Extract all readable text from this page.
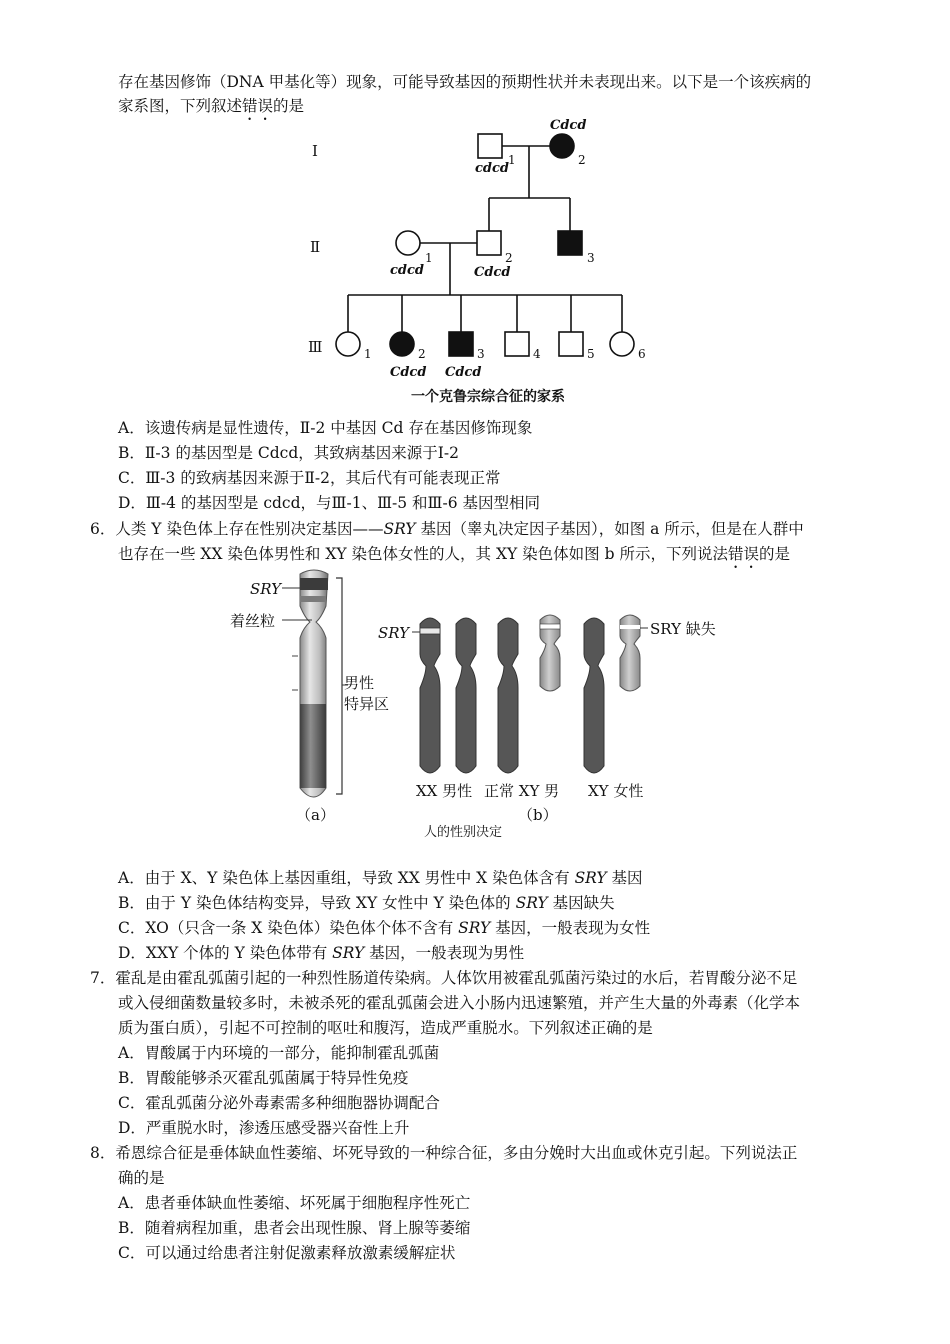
存在基因修饰（DNA 甲基化等）现象，可能导致基因的预期性状并未表现出来。以下是一个该疾病的
家系图，下列叙述错误的是
Ⅰ
Ⅱ
Ⅲ
1	2
1	2	3
1	2	3	4	5	6
cdcd
Cdcd
cdcd	Cdcd
Cdcd Cdcd
一个克鲁宗综合征的家系
A．该遗传病是显性遗传，Ⅱ-2 中基因 Cd 存在基因修饰现象
B．Ⅱ-3 的基因型是 Cdcd，其致病基因来源于Ⅰ-2
C．Ⅲ-3 的致病基因来源于Ⅱ-2，其后代有可能表现正常
D．Ⅲ-4 的基因型是 cdcd，与Ⅲ-1、Ⅲ-5 和Ⅲ-6 基因型相同
6．人类 Y 染色体上存在性别决定基因——SRY 基因（睾丸决定因子基因），如图 a 所示，但是在人群中
也存在一些 XX 染色体男性和 XY 染色体女性的人，其 XY 染色体如图 b 所示，下列说法错误的是
SRY
着丝粒
男性
特异区
（a）
SRY	SRY 缺失
XX 男性 正常 XY 男 XY 女性
（b）
人的性别决定
A．由于 X、Y 染色体上基因重组，导致 XX 男性中 X 染色体含有 SRY 基因
B．由于 Y 染色体结构变异，导致 XY 女性中 Y 染色体的 SRY 基因缺失
C．XO（只含一条 X 染色体）染色体个体不含有 SRY 基因，一般表现为女性
D．XXY 个体的 Y 染色体带有 SRY 基因，一般表现为男性
7．霍乱是由霍乱弧菌引起的一种烈性肠道传染病。人体饮用被霍乱弧菌污染过的水后，若胃酸分泌不足
或入侵细菌数量较多时，未被杀死的霍乱弧菌会进入小肠内迅速繁殖，并产生大量的外毒素（化学本
质为蛋白质），引起不可控制的呕吐和腹泻，造成严重脱水。下列叙述正确的是
A．胃酸属于内环境的一部分，能抑制霍乱弧菌
B．胃酸能够杀灭霍乱弧菌属于特异性免疫
C．霍乱弧菌分泌外毒素需多种细胞器协调配合
D．严重脱水时，渗透压感受器兴奋性上升
8．希恩综合征是垂体缺血性萎缩、坏死导致的一种综合征，多由分娩时大出血或休克引起。下列说法正
确的是
A．患者垂体缺血性萎缩、坏死属于细胞程序性死亡
B．随着病程加重，患者会出现性腺、肾上腺等萎缩
C．可以通过给患者注射促激素释放激素缓解症状
